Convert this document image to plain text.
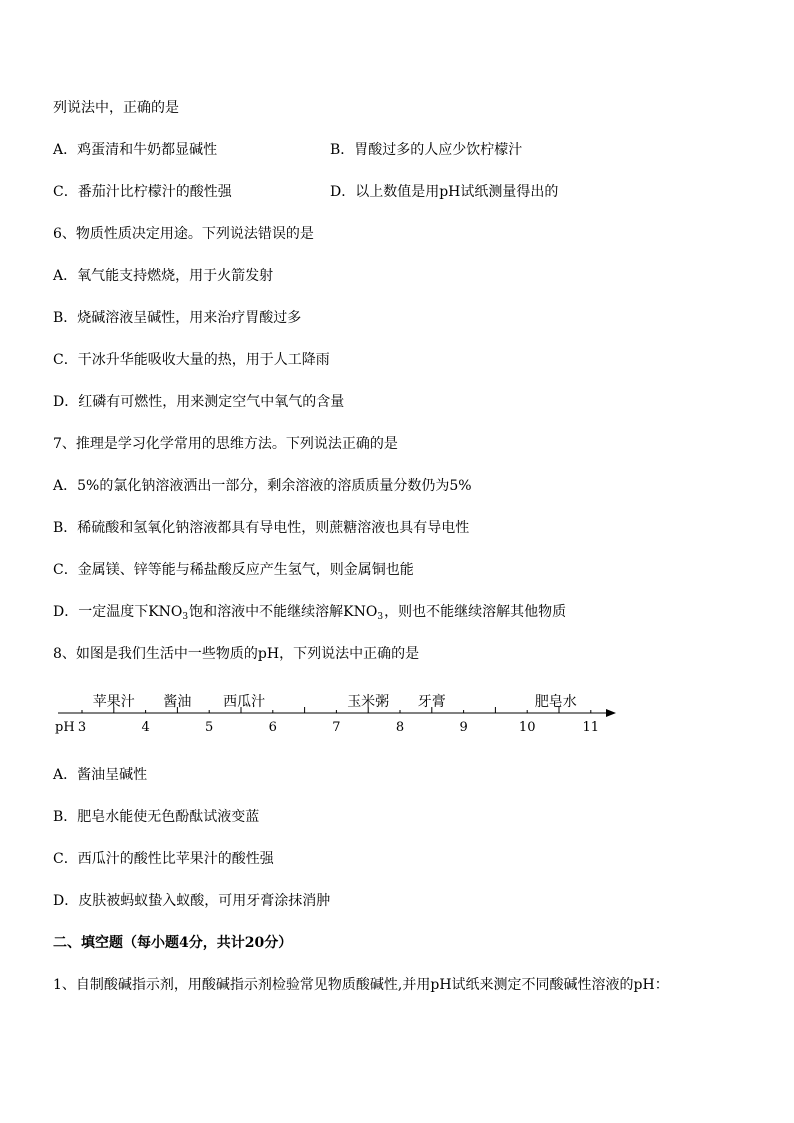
列说法中，正确的是
A．鸡蛋清和牛奶都显碱性	B．胃酸过多的人应少饮柠檬汁
C．番茄汁比柠檬汁的酸性强	D．以上数值是用pH试纸测量得出的
6、物质性质决定用途。下列说法错误的是
A．氧气能支持燃烧，用于火箭发射
B．烧碱溶液呈碱性，用来治疗胃酸过多
C．干冰升华能吸收大量的热，用于人工降雨
D．红磷有可燃性，用来测定空气中氧气的含量
7、推理是学习化学常用的思维方法。下列说法正确的是
A．5%的氯化钠溶液洒出一部分，剩余溶液的溶质质量分数仍为5%
B．稀硫酸和氢氧化钠溶液都具有导电性，则蔗糖溶液也具有导电性
C．金属镁、锌等能与稀盐酸反应产生氢气，则金属铜也能
D．一定温度下$KNO_3$饱和溶液中不能继续溶解$KNO_3$，则也不能继续溶解其他物质
8、如图是我们生活中一些物质的pH，下列说法中正确的是
pH 3	4	5	6	7	8	9	10	11
苹果汁 酱油 西瓜汁	玉米粥 牙膏	肥皂水
A．酱油呈碱性
B．肥皂水能使无色酚酞试液变蓝
C．西瓜汁的酸性比苹果汁的酸性强
D．皮肤被蚂蚁蛰入蚁酸，可用牙膏涂抹消肿
二、填空题（每小题4分，共计20分）
1、自制酸碱指示剂，用酸碱指示剂检验常见物质酸碱性,并用pH试纸来测定不同酸碱性溶液的pH：
